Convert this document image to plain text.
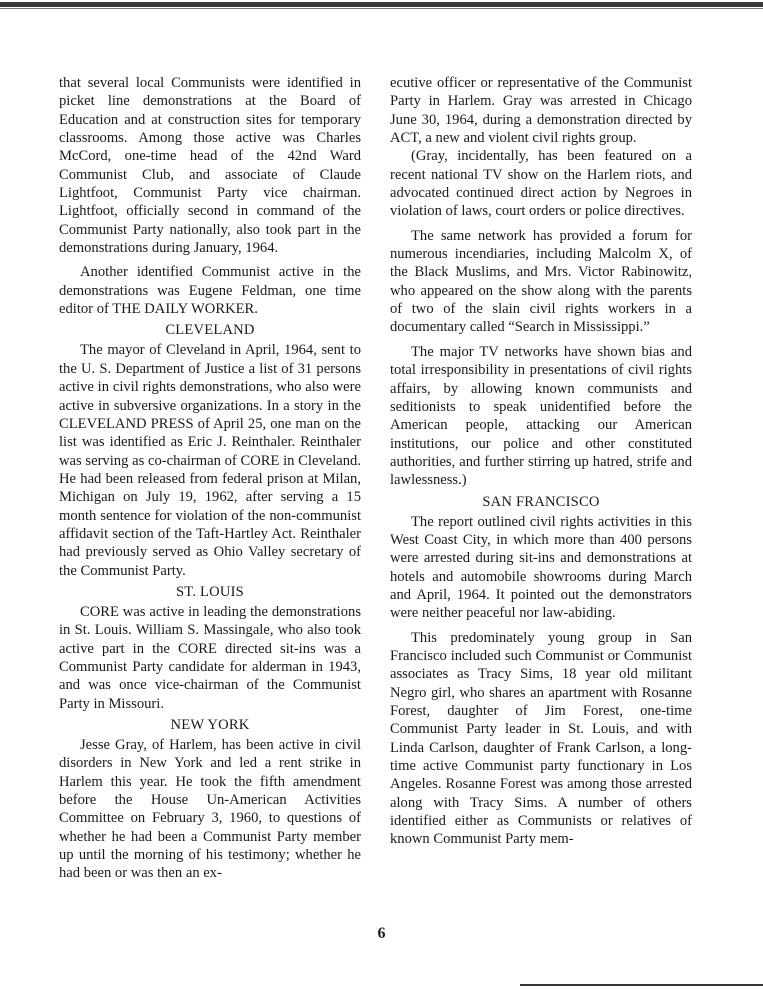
that several local Communists were identified in picket line demonstrations at the Board of Education and at construction sites for temporary classrooms. Among those active was Charles McCord, one-time head of the 42nd Ward Communist Club, and associate of Claude Lightfoot, Communist Party vice chairman. Lightfoot, officially second in command of the Communist Party nationally, also took part in the demonstrations during January, 1964.

Another identified Communist active in the demonstrations was Eugene Feldman, one time editor of THE DAILY WORKER.

CLEVELAND

The mayor of Cleveland in April, 1964, sent to the U. S. Department of Justice a list of 31 persons active in civil rights demonstrations, who also were active in subversive organizations. In a story in the CLEVELAND PRESS of April 25, one man on the list was identified as Eric J. Reinthaler. Reinthaler was serving as co-chairman of CORE in Cleveland. He had been released from federal prison at Milan, Michigan on July 19, 1962, after serving a 15 month sentence for violation of the non-communist affidavit section of the Taft-Hartley Act. Reinthaler had previously served as Ohio Valley secretary of the Communist Party.

ST. LOUIS

CORE was active in leading the demonstrations in St. Louis. William S. Massingale, who also took active part in the CORE directed sit-ins was a Communist Party candidate for alderman in 1943, and was once vice-chairman of the Communist Party in Missouri.

NEW YORK

Jesse Gray, of Harlem, has been active in civil disorders in New York and led a rent strike in Harlem this year. He took the fifth amendment before the House Un-American Activities Committee on February 3, 1960, to questions of whether he had been a Communist Party member up until the morning of his testimony; whether he had been or was then an ex-

ecutive officer or representative of the Communist Party in Harlem. Gray was arrested in Chicago June 30, 1964, during a demonstration directed by ACT, a new and violent civil rights group.

(Gray, incidentally, has been featured on a recent national TV show on the Harlem riots, and advocated continued direct action by Negroes in violation of laws, court orders or police directives.

The same network has provided a forum for numerous incendiaries, including Malcolm X, of the Black Muslims, and Mrs. Victor Rabinowitz, who appeared on the show along with the parents of two of the slain civil rights workers in a documentary called “Search in Mississippi.”

The major TV networks have shown bias and total irresponsibility in presentations of civil rights affairs, by allowing known communists and seditionists to speak unidentified before the American people, attacking our American institutions, our police and other constituted authorities, and further stirring up hatred, strife and lawlessness.)

SAN FRANCISCO

The report outlined civil rights activities in this West Coast City, in which more than 400 persons were arrested during sit-ins and demonstrations at hotels and automobile showrooms during March and April, 1964. It pointed out the demonstrators were neither peaceful nor law-abiding.

This predominately young group in San Francisco included such Communist or Communist associates as Tracy Sims, 18 year old militant Negro girl, who shares an apartment with Rosanne Forest, daughter of Jim Forest, one-time Communist Party leader in St. Louis, and with Linda Carlson, daughter of Frank Carlson, a long-time active Communist party functionary in Los Angeles. Rosanne Forest was among those arrested along with Tracy Sims. A number of others identified either as Communists or relatives of known Communist Party mem-

6
